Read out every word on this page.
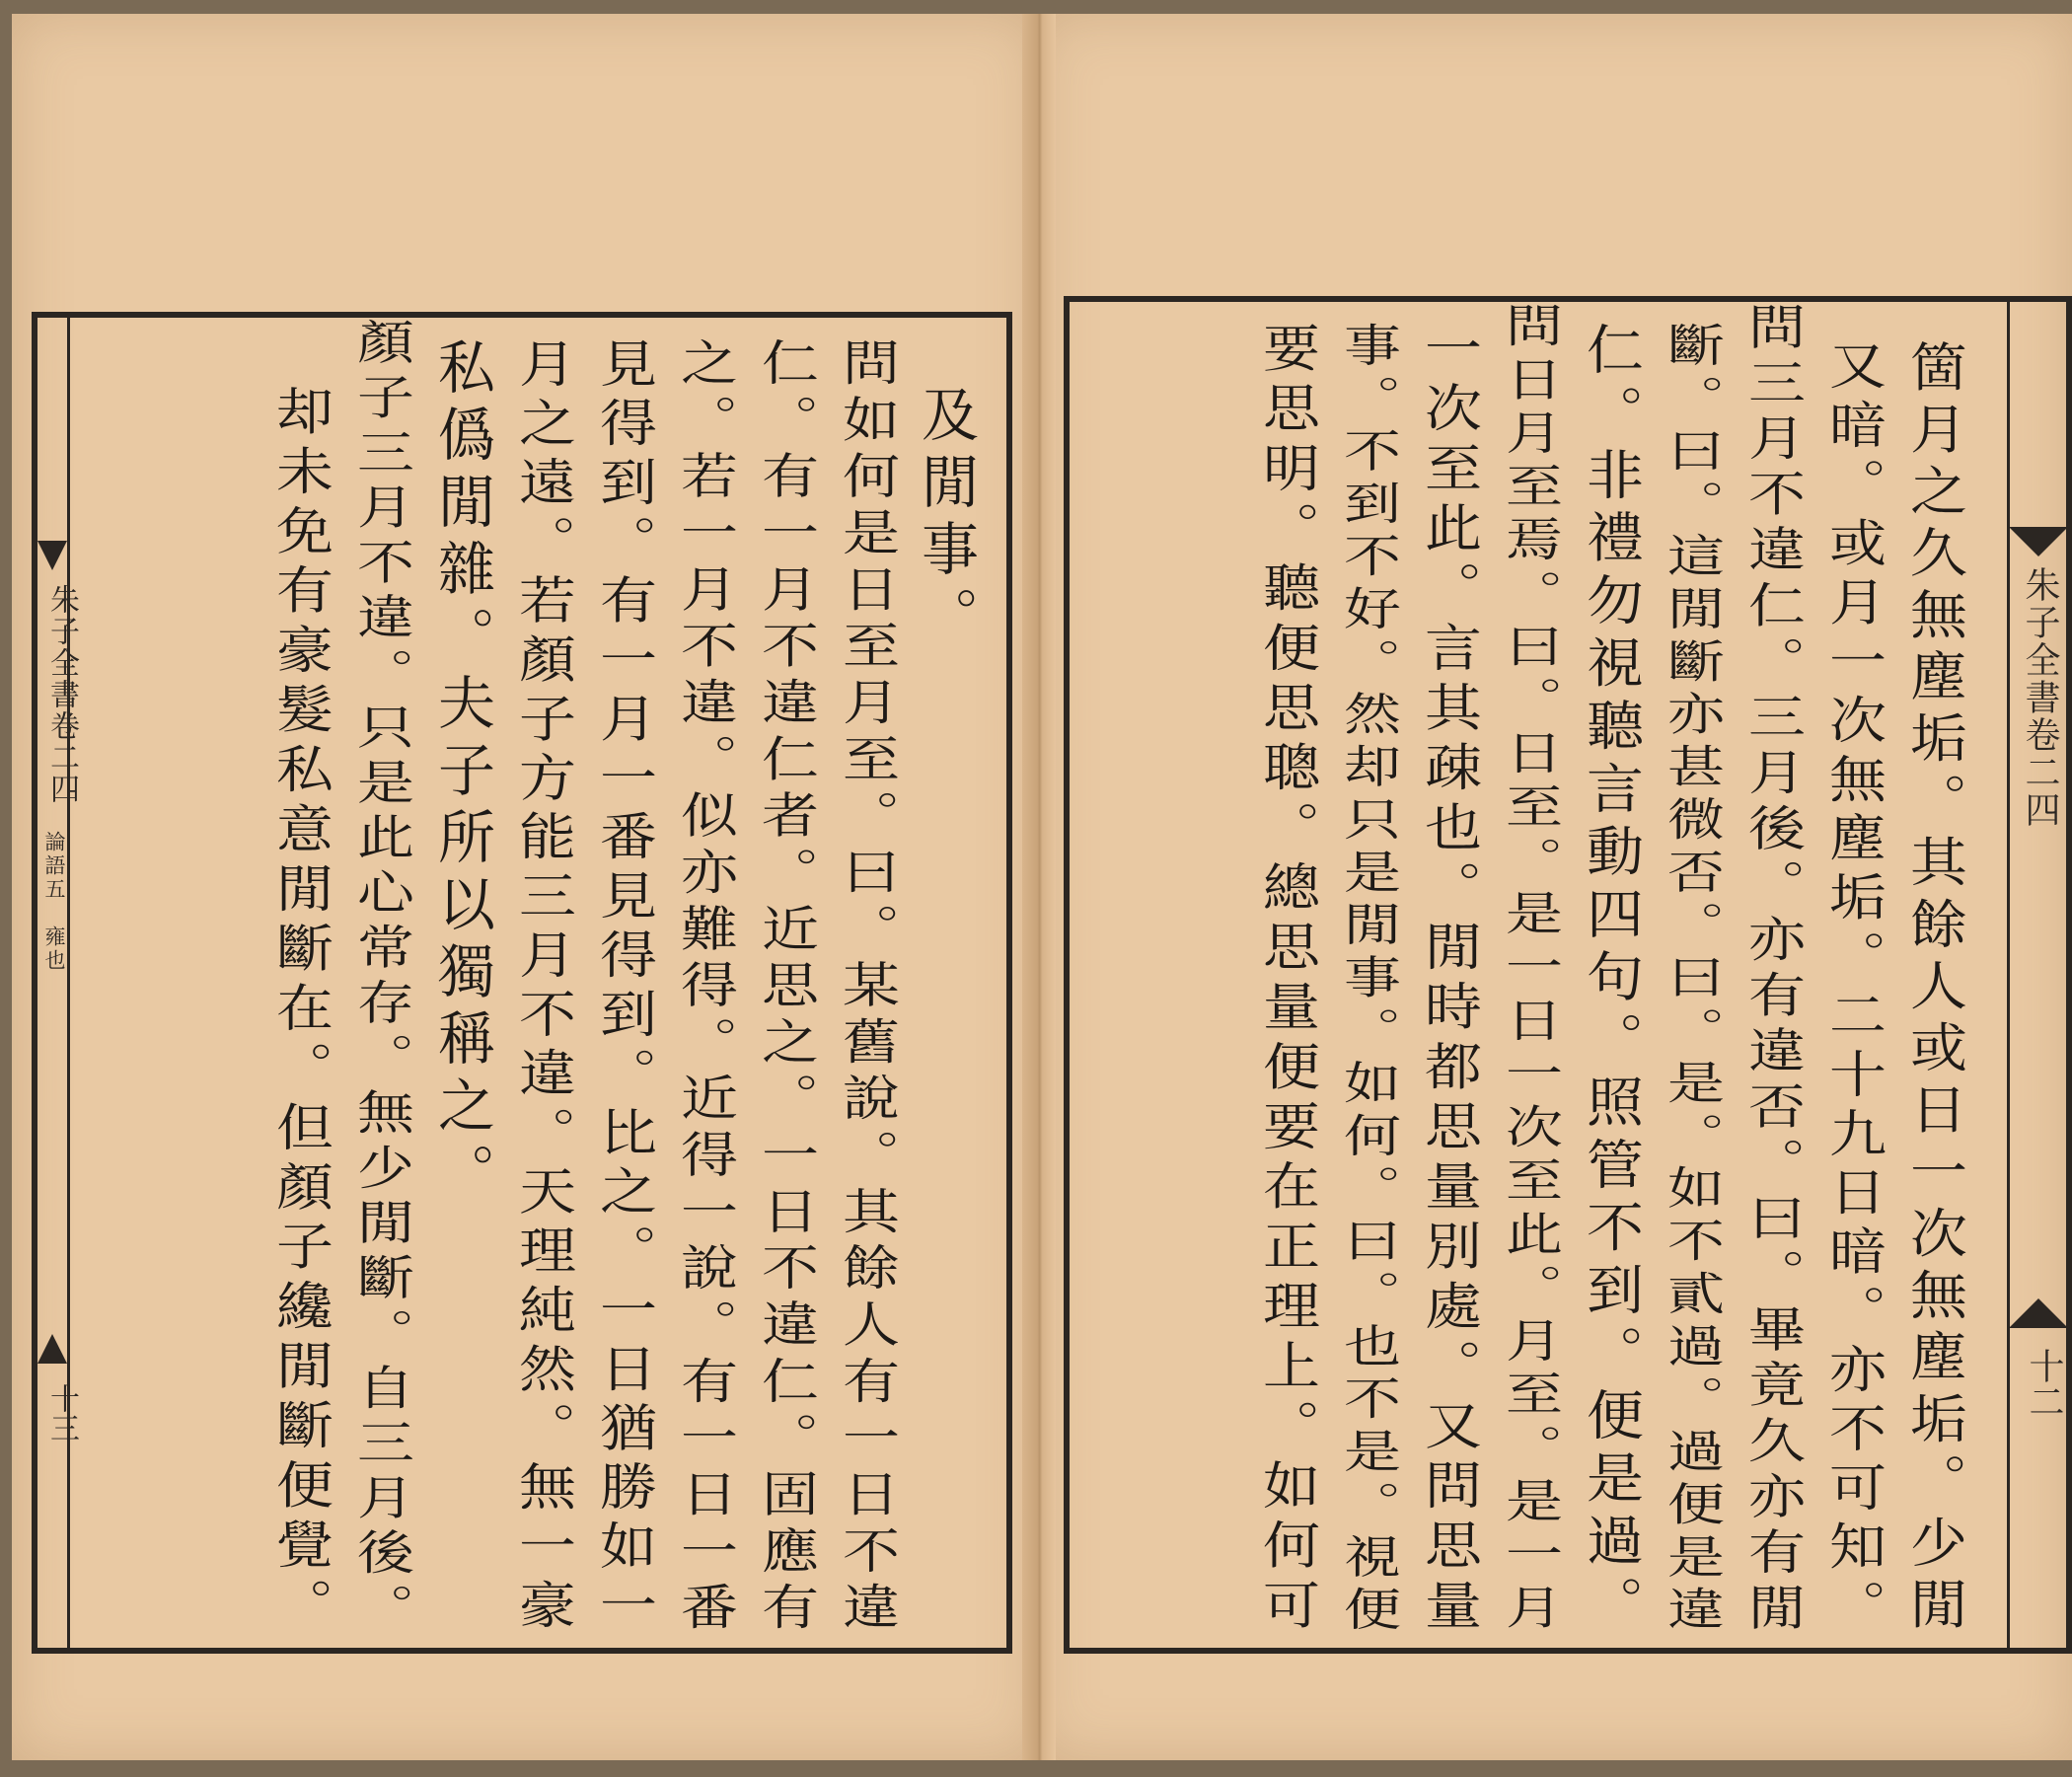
朱子全書卷二四
論語五　雍也
十三
及閒事。
問如何是日至月至。曰。某舊說。其餘人有一日不違
仁。有一月不違仁者。近思之。一日不違仁。固應有
之。若一月不違。似亦難得。近得一說。有一日一番
見得到。有一月一番見得到。比之。一日猶勝如一
月之遠。若顏子方能三月不違。天理純然。無一豪
私僞閒雜。夫子所以獨稱之。
顏子三月不違。只是此心常存。無少閒斷。自三月後。
却未免有豪髮私意閒斷在。但顏子纔閒斷便覺。	朱子全書卷二四
十二
箇月之久無塵垢。其餘人或日一次無塵垢。少閒
又暗。或月一次無塵垢。二十九日暗。亦不可知。
問三月不違仁。三月後。亦有違否。曰。畢竟久亦有閒
斷。曰。這閒斷亦甚微否。曰。是。如不貳過。過便是違
仁。非禮勿視聽言動四句。照管不到。便是過。
問日月至焉。曰。日至。是一日一次至此。月至。是一月
一次至此。言其疎也。閒時都思量別處。又問思量
事。不到不好。然却只是閒事。如何。曰。也不是。視便
要思明。聽便思聰。總思量便要在正理上。如何可
